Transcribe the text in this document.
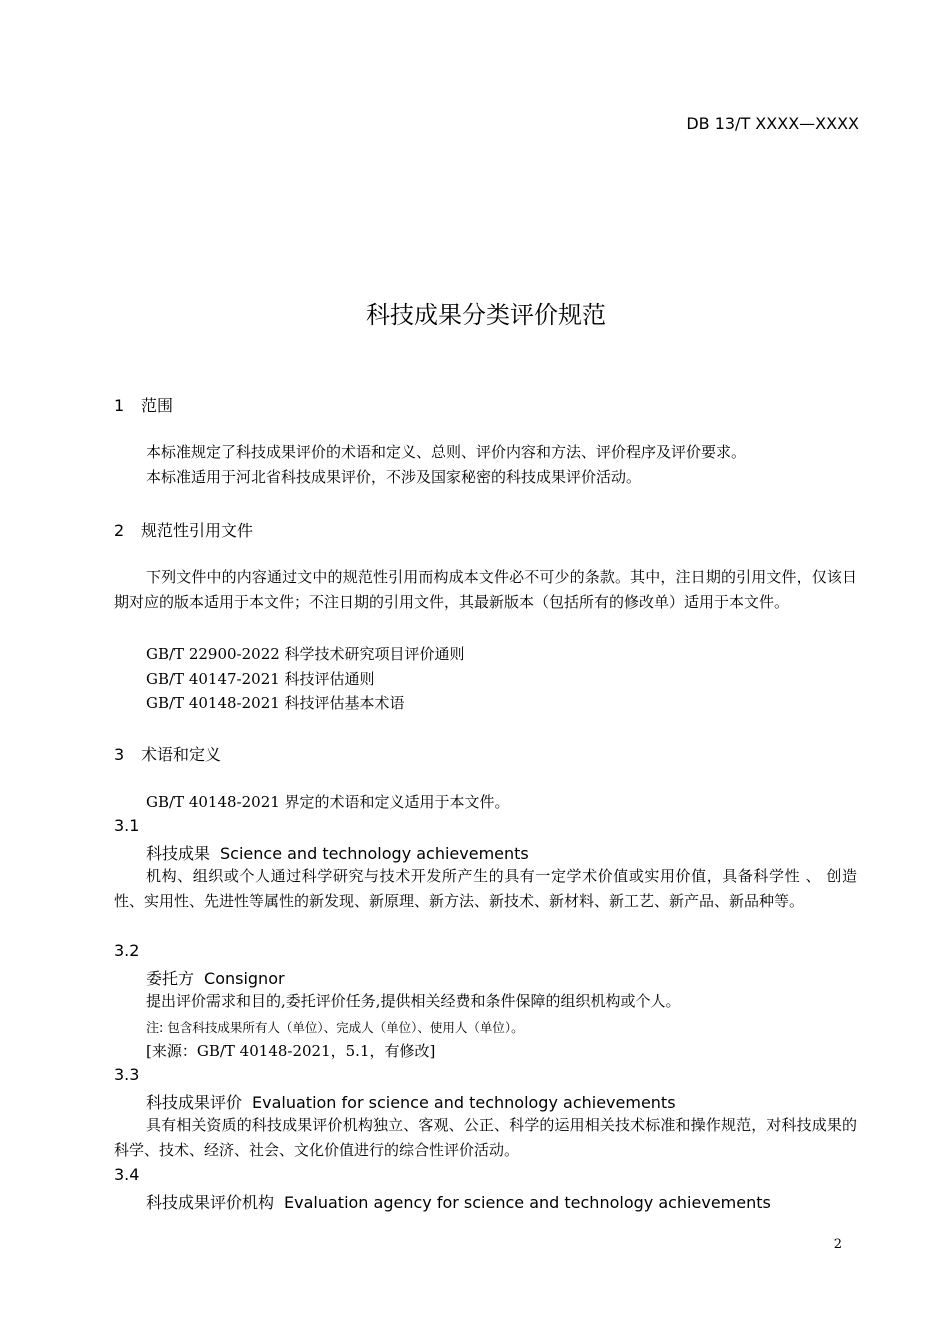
DB 13/T XXXX—XXXX
科技成果分类评价规范
1 范围
本标准规定了科技成果评价的术语和定义、总则、评价内容和方法、评价程序及评价要求。
本标准适用于河北省科技成果评价，不涉及国家秘密的科技成果评价活动。
2 规范性引用文件
下列文件中的内容通过文中的规范性引用而构成本文件必不可少的条款。其中，注日期的引用文件，仅该日期对应的版本适用于本文件；不注日期的引用文件，其最新版本（包括所有的修改单）适用于本文件。
GB/T 22900-2022 科学技术研究项目评价通则
GB/T 40147-2021 科技评估通则
GB/T 40148-2021 科技评估基本术语
3 术语和定义
GB/T 40148-2021 界定的术语和定义适用于本文件。
3.1
科技成果 Science and technology achievements
机构、组织或个人通过科学研究与技术开发所产生的具有一定学术价值或实用价值，具备科学性 、 创造性、实用性、先进性等属性的新发现、新原理、新方法、新技术、新材料、新工艺、新产品、新品种等。
3.2
委托方 Consignor
提出评价需求和目的,委托评价任务,提供相关经费和条件保障的组织机构或个人。
注: 包含科技成果所有人（单位）、完成人（单位）、使用人（单位）。
[来源：GB/T 40148-2021，5.1，有修改]
3.3
科技成果评价 Evaluation for science and technology achievements
具有相关资质的科技成果评价机构独立、客观、公正、科学的运用相关技术标准和操作规范，对科技成果的科学、技术、经济、社会、文化价值进行的综合性评价活动。
3.4
科技成果评价机构 Evaluation agency for science and technology achievements
2
